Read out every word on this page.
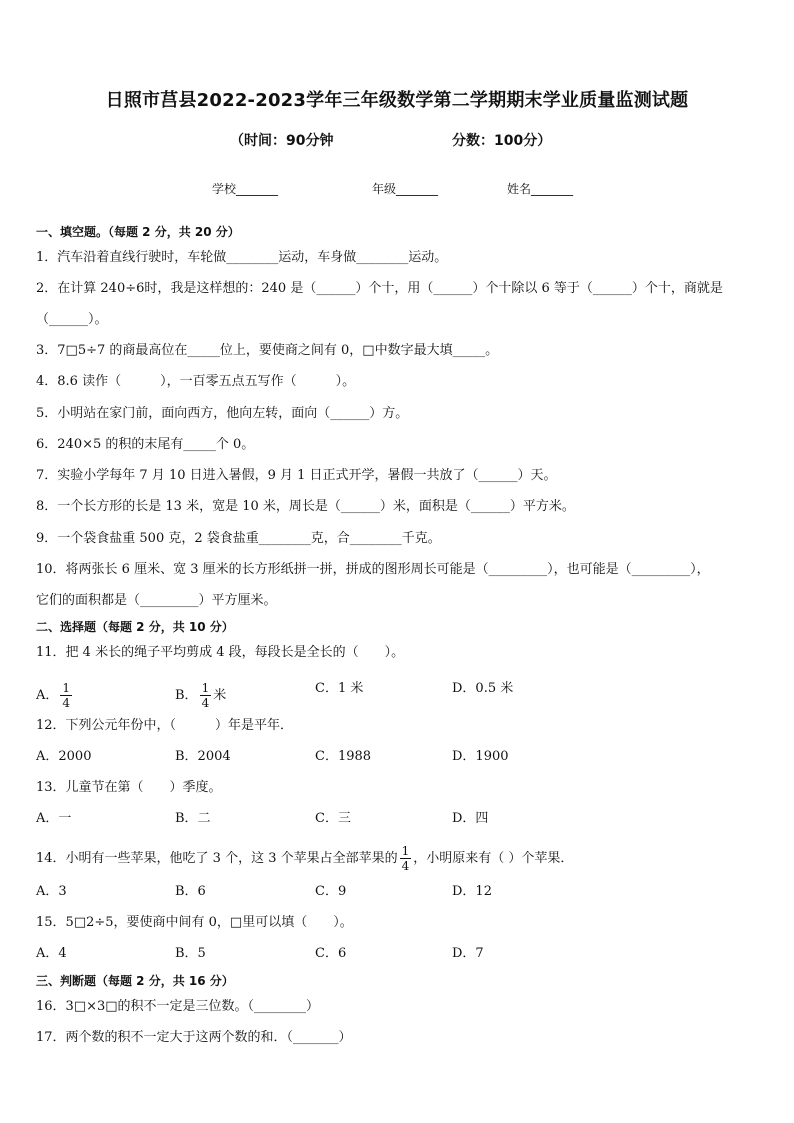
日照市莒县2022-2023学年三年级数学第二学期期末学业质量监测试题
（时间：90分钟	分数：100分）
学校_______	年级_______	姓名_______
一、填空题。（每题 2 分，共 20 分）
1．汽车沿着直线行驶时，车轮做________运动，车身做________运动。
2．在计算 240÷6时，我是这样想的：240 是（______）个十，用（______）个十除以 6 等于（______）个十，商就是
（______）。
3．7□5÷7 的商最高位在_____位上，要使商之间有 0，□中数字最大填_____。
4．8.6 读作（　　　），一百零五点五写作（　　　）。
5．小明站在家门前，面向西方，他向左转，面向（______）方。
6．240×5 的积的末尾有_____个 0。
7．实验小学每年 7 月 10 日进入暑假，9 月 1 日正式开学，暑假一共放了（______）天。
8．一个长方形的长是 13 米，宽是 10 米，周长是（______）米，面积是（______）平方米。
9．一个袋食盐重 500 克，2 袋食盐重________克，合________千克。
10．将两张长 6 厘米、宽 3 厘米的长方形纸拼一拼，拼成的图形周长可能是（_________），也可能是（_________），
它们的面积都是（_________）平方厘米。
二、选择题（每题 2 分，共 10 分）
11．把 4 米长的绳子平均剪成 4 段，每段长是全长的（　　）。
A． $\frac{1}{4}$	B． $\frac{1}{4}$ 米	C．1 米	D．0.5 米
12．下列公元年份中，（　　　）年是平年．
A．2000	B．2004	C．1988	D．1900
13．儿童节在第（　　）季度。
A．一	B．二	C．三	D．四
14．小明有一些苹果，他吃了 3 个，这 3 个苹果占全部苹果的 $\frac{1}{4}$ ，小明原来有（ ）个苹果．
A．3	B．6	C．9	D．12
15．5□2÷5，要使商中间有 0，□里可以填（　　）。
A．4	B．5	C．6	D．7
三、判断题（每题 2 分，共 16 分）
16．3□×3□的积不一定是三位数。（________）
17．两个数的积不一定大于这两个数的和．（_______）
